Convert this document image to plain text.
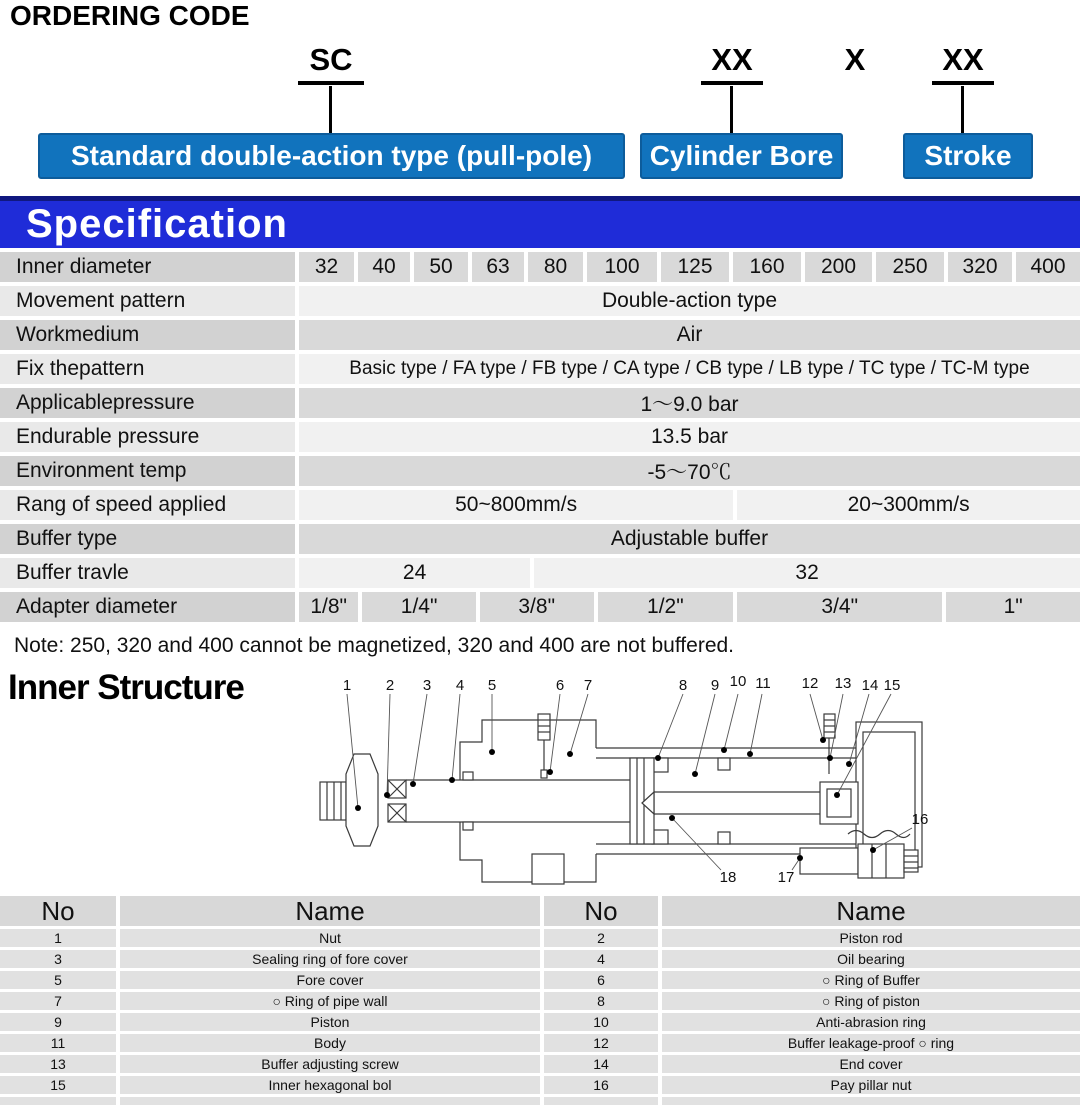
ORDERING CODE
SC	XX	X	XX
Standard double-action type (pull-pole)	Cylinder Bore	Stroke
Specification
Inner diameter	32	40	50	63	80	100	125	160	200	250	320	400
Movement pattern	Double-action type
Workmedium	Air
Fix thepattern	Basic type / FA type / FB type / CA type / CB type / LB type / TC type / TC-M type
Applicablepressure	1～9.0 bar
Endurable pressure	13.5 bar
Environment temp	-5～70℃
Rang of speed applied	50~800mm/s	20~300mm/s
Buffer type	Adjustable buffer
Buffer travle	24	32
Adapter diameter	1/8"	1/4"	3/8"	1/2"	3/4"	1"
Note: 250, 320 and 400 cannot be magnetized, 320 and 400 are not buffered.
Inner Structure	1 2 3 4 5	6 7	8 9 10 11 12 13 14 15
16
17
18
No	Name	No	Name
1	Nut	2	Piston rod
3	Sealing ring of fore cover	4	Oil bearing
5	Fore cover	6	○ Ring of Buffer
7	○ Ring of pipe wall	8	○ Ring of piston
9	Piston	10	Anti-abrasion ring
11	Body	12	Buffer leakage-proof ○ ring
13	Buffer adjusting screw	14	End cover
15	Inner hexagonal bol	16	Pay pillar nut
